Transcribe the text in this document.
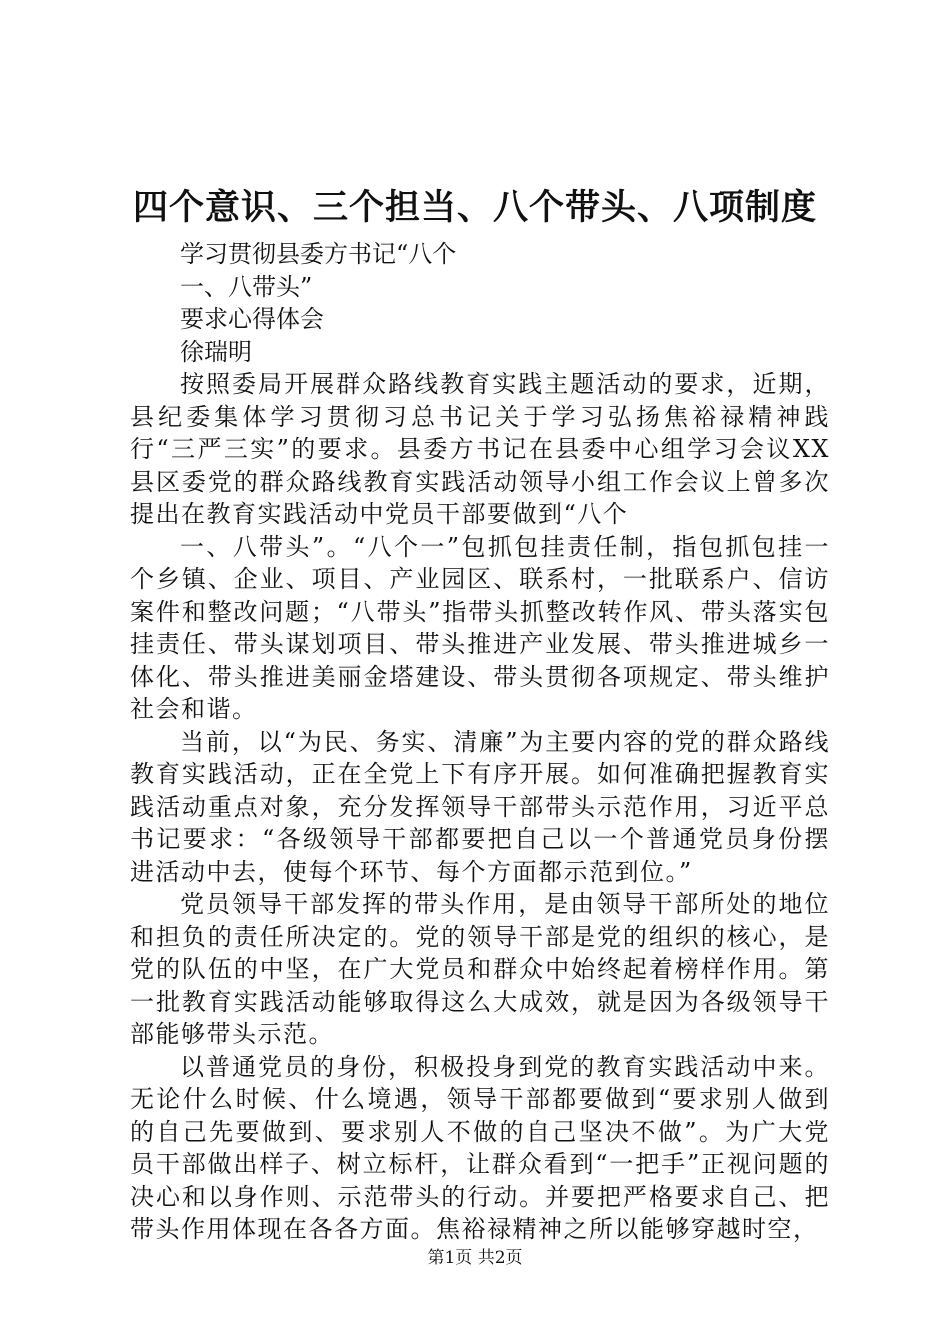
四个意识、三个担当、八个带头、八项制度
学习贯彻县委方书记“八个
一、八带头”
要求心得体会
徐瑞明

按照委局开展群众路线教育实践主题活动的要求，近期，县纪委集体学习贯彻习总书记关于学习弘扬焦裕禄精神践行“三严三实”的要求。县委方书记在县委中心组学习会议XX县区委党的群众路线教育实践活动领导小组工作会议上曾多次提出在教育实践活动中党员干部要做到“八个

一、八带头”。“八个一”包抓包挂责任制，指包抓包挂一个乡镇、企业、项目、产业园区、联系村，一批联系户、信访案件和整改问题；“八带头”指带头抓整改转作风、带头落实包挂责任、带头谋划项目、带头推进产业发展、带头推进城乡一体化、带头推进美丽金塔建设、带头贯彻各项规定、带头维护社会和谐。

当前，以“为民、务实、清廉”为主要内容的党的群众路线教育实践活动，正在全党上下有序开展。如何准确把握教育实践活动重点对象，充分发挥领导干部带头示范作用，习近平总书记要求：“各级领导干部都要把自己以一个普通党员身份摆进活动中去，使每个环节、每个方面都示范到位。”

党员领导干部发挥的带头作用，是由领导干部所处的地位和担负的责任所决定的。党的领导干部是党的组织的核心，是党的队伍的中坚，在广大党员和群众中始终起着榜样作用。第一批教育实践活动能够取得这么大成效，就是因为各级领导干部能够带头示范。

以普通党员的身份，积极投身到党的教育实践活动中来。无论什么时候、什么境遇，领导干部都要做到“要求别人做到的自己先要做到、要求别人不做的自己坚决不做”。为广大党员干部做出样子、树立标杆，让群众看到“一把手”正视问题的决心和以身作则、示范带头的行动。并要把严格要求自己、把带头作用体现在各各方面。焦裕禄精神之所以能够穿越时空，

第1页 共2页
